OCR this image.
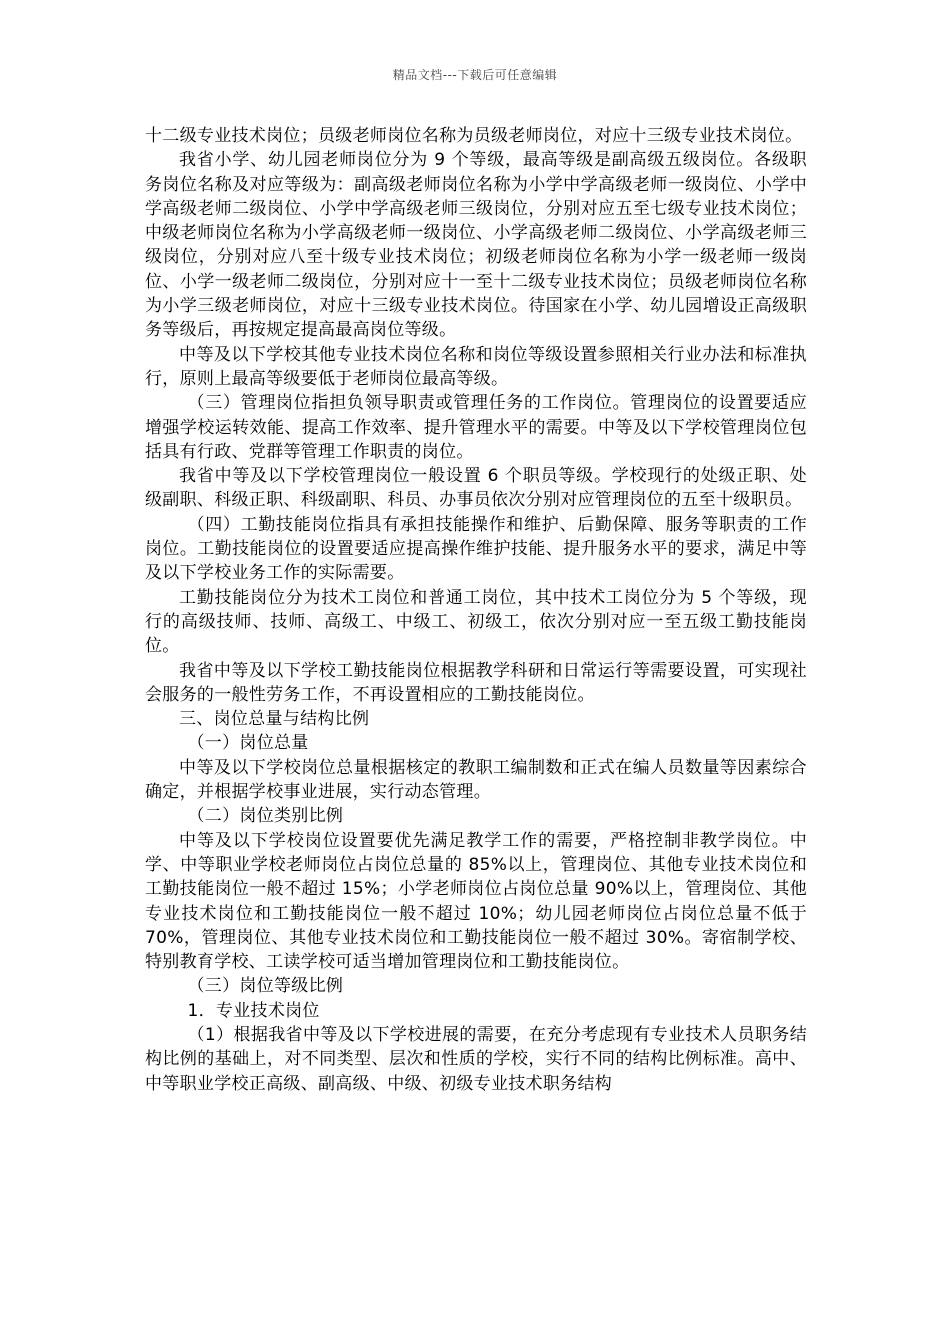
精品文档---下载后可任意编辑

十二级专业技术岗位；员级老师岗位名称为员级老师岗位，对应十三级专业技术岗位。

我省小学、幼儿园老师岗位分为 9 个等级，最高等级是副高级五级岗位。各级职务岗位名称及对应等级为：副高级老师岗位名称为小学中学高级老师一级岗位、小学中学高级老师二级岗位、小学中学高级老师三级岗位，分别对应五至七级专业技术岗位；中级老师岗位名称为小学高级老师一级岗位、小学高级老师二级岗位、小学高级老师三级岗位，分别对应八至十级专业技术岗位；初级老师岗位名称为小学一级老师一级岗位、小学一级老师二级岗位，分别对应十一至十二级专业技术岗位；员级老师岗位名称为小学三级老师岗位，对应十三级专业技术岗位。待国家在小学、幼儿园增设正高级职务等级后，再按规定提高最高岗位等级。

中等及以下学校其他专业技术岗位名称和岗位等级设置参照相关行业办法和标准执行，原则上最高等级要低于老师岗位最高等级。

（三）管理岗位指担负领导职责或管理任务的工作岗位。管理岗位的设置要适应增强学校运转效能、提高工作效率、提升管理水平的需要。中等及以下学校管理岗位包括具有行政、党群等管理工作职责的岗位。

我省中等及以下学校管理岗位一般设置 6 个职员等级。学校现行的处级正职、处级副职、科级正职、科级副职、科员、办事员依次分别对应管理岗位的五至十级职员。

（四）工勤技能岗位指具有承担技能操作和维护、后勤保障、服务等职责的工作岗位。工勤技能岗位的设置要适应提高操作维护技能、提升服务水平的要求，满足中等及以下学校业务工作的实际需要。

工勤技能岗位分为技术工岗位和普通工岗位，其中技术工岗位分为 5 个等级，现行的高级技师、技师、高级工、中级工、初级工，依次分别对应一至五级工勤技能岗位。

我省中等及以下学校工勤技能岗位根据教学科研和日常运行等需要设置，可实现社会服务的一般性劳务工作，不再设置相应的工勤技能岗位。

三、岗位总量与结构比例

（一）岗位总量

中等及以下学校岗位总量根据核定的教职工编制数和正式在编人员数量等因素综合确定，并根据学校事业进展，实行动态管理。

（二）岗位类别比例

中等及以下学校岗位设置要优先满足教学工作的需要，严格控制非教学岗位。中学、中等职业学校老师岗位占岗位总量的 85%以上，管理岗位、其他专业技术岗位和工勤技能岗位一般不超过 15%；小学老师岗位占岗位总量 90%以上，管理岗位、其他专业技术岗位和工勤技能岗位一般不超过 10%；幼儿园老师岗位占岗位总量不低于 70%，管理岗位、其他专业技术岗位和工勤技能岗位一般不超过 30%。寄宿制学校、特别教育学校、工读学校可适当增加管理岗位和工勤技能岗位。

（三）岗位等级比例

1．专业技术岗位

（1）根据我省中等及以下学校进展的需要，在充分考虑现有专业技术人员职务结构比例的基础上，对不同类型、层次和性质的学校，实行不同的结构比例标准。高中、中等职业学校正高级、副高级、中级、初级专业技术职务结构
